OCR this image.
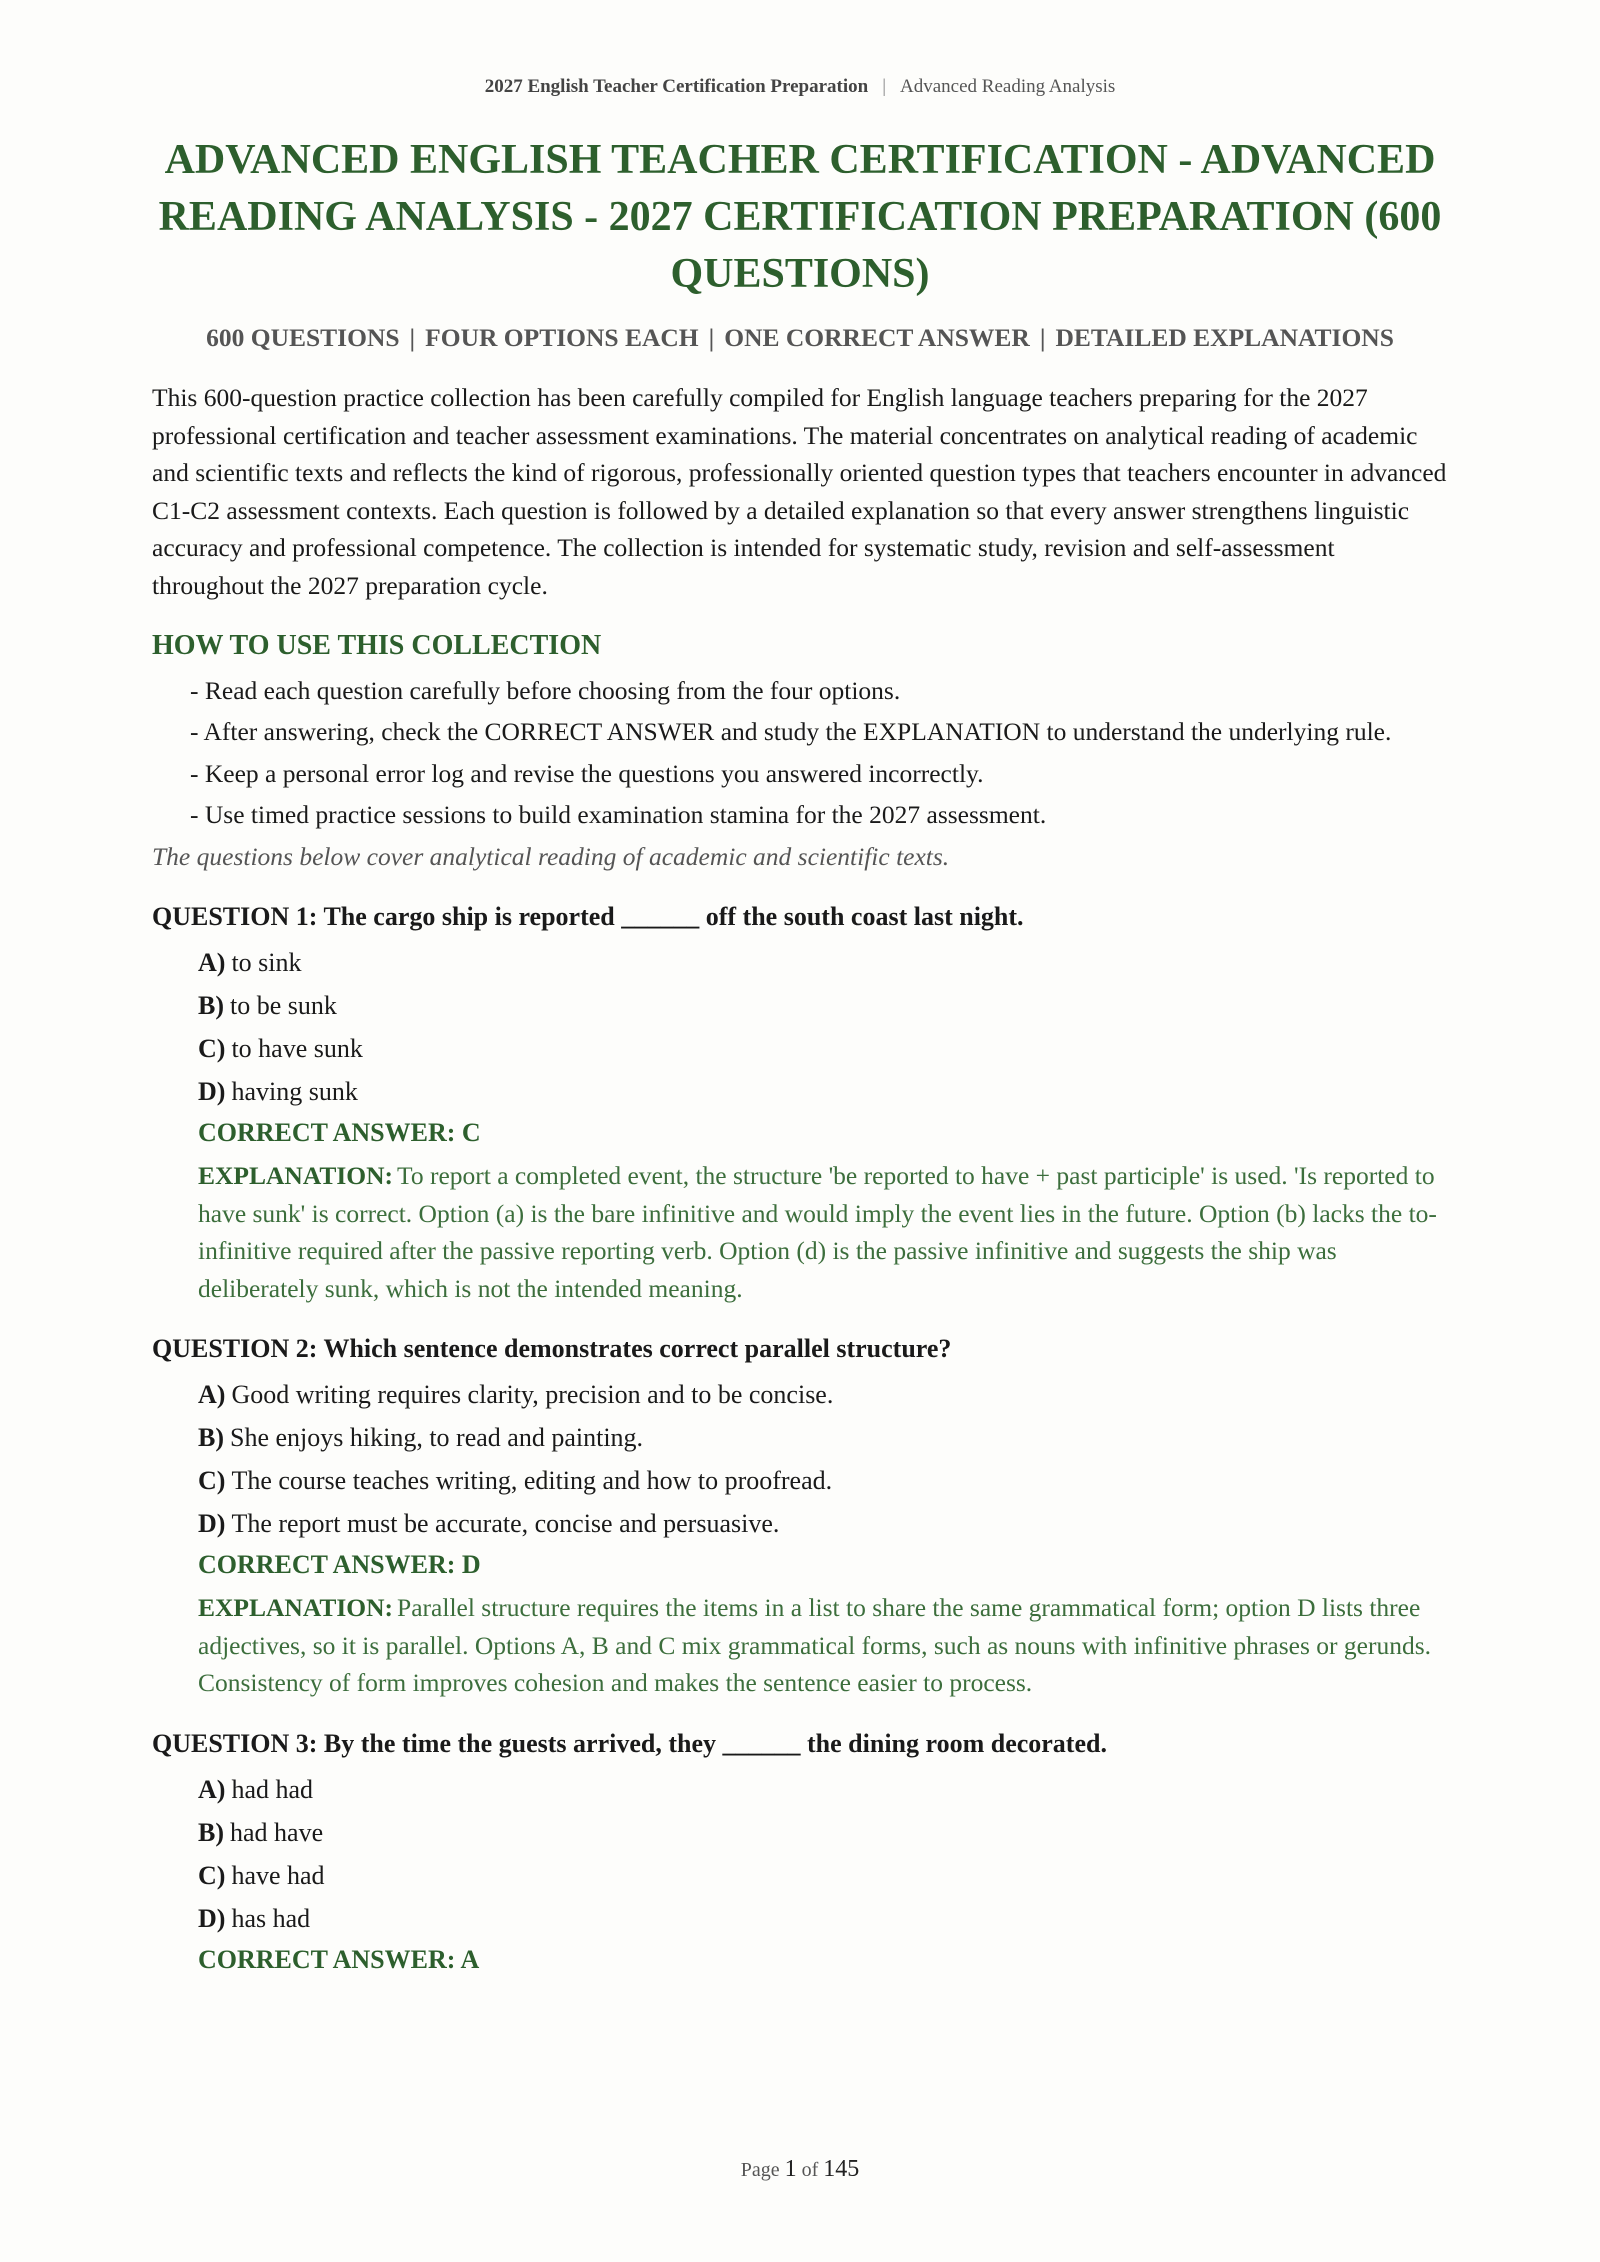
2027 English Teacher Certification Preparation | Advanced Reading Analysis
ADVANCED ENGLISH TEACHER CERTIFICATION - ADVANCED READING ANALYSIS - 2027 CERTIFICATION PREPARATION (600 QUESTIONS)
600 QUESTIONS | FOUR OPTIONS EACH | ONE CORRECT ANSWER | DETAILED EXPLANATIONS

This 600-question practice collection has been carefully compiled for English language teachers preparing for the 2027 professional certification and teacher assessment examinations. The material concentrates on analytical reading of academic and scientific texts and reflects the kind of rigorous, professionally oriented question types that teachers encounter in advanced C1-C2 assessment contexts. Each question is followed by a detailed explanation so that every answer strengthens linguistic accuracy and professional competence. The collection is intended for systematic study, revision and self-assessment throughout the 2027 preparation cycle.

HOW TO USE THIS COLLECTION
- Read each question carefully before choosing from the four options.
- After answering, check the CORRECT ANSWER and study the EXPLANATION to understand the underlying rule.
- Keep a personal error log and revise the questions you answered incorrectly.
- Use timed practice sessions to build examination stamina for the 2027 assessment.
The questions below cover analytical reading of academic and scientific texts.
QUESTION 1: The cargo ship is reported ______ off the south coast last night.
A) to sink
B) to be sunk
C) to have sunk
D) having sunk
CORRECT ANSWER: C
EXPLANATION: To report a completed event, the structure 'be reported to have + past participle' is used. 'Is reported to have sunk' is correct. Option (a) is the bare infinitive and would imply the event lies in the future. Option (b) lacks the to-infinitive required after the passive reporting verb. Option (d) is the passive infinitive and suggests the ship was deliberately sunk, which is not the intended meaning.
QUESTION 2: Which sentence demonstrates correct parallel structure?
A) Good writing requires clarity, precision and to be concise.
B) She enjoys hiking, to read and painting.
C) The course teaches writing, editing and how to proofread.
D) The report must be accurate, concise and persuasive.
CORRECT ANSWER: D
EXPLANATION: Parallel structure requires the items in a list to share the same grammatical form; option D lists three adjectives, so it is parallel. Options A, B and C mix grammatical forms, such as nouns with infinitive phrases or gerunds. Consistency of form improves cohesion and makes the sentence easier to process.
QUESTION 3: By the time the guests arrived, they ______ the dining room decorated.
A) had had
B) had have
C) have had
D) has had
CORRECT ANSWER: A
Page 1 of 145
